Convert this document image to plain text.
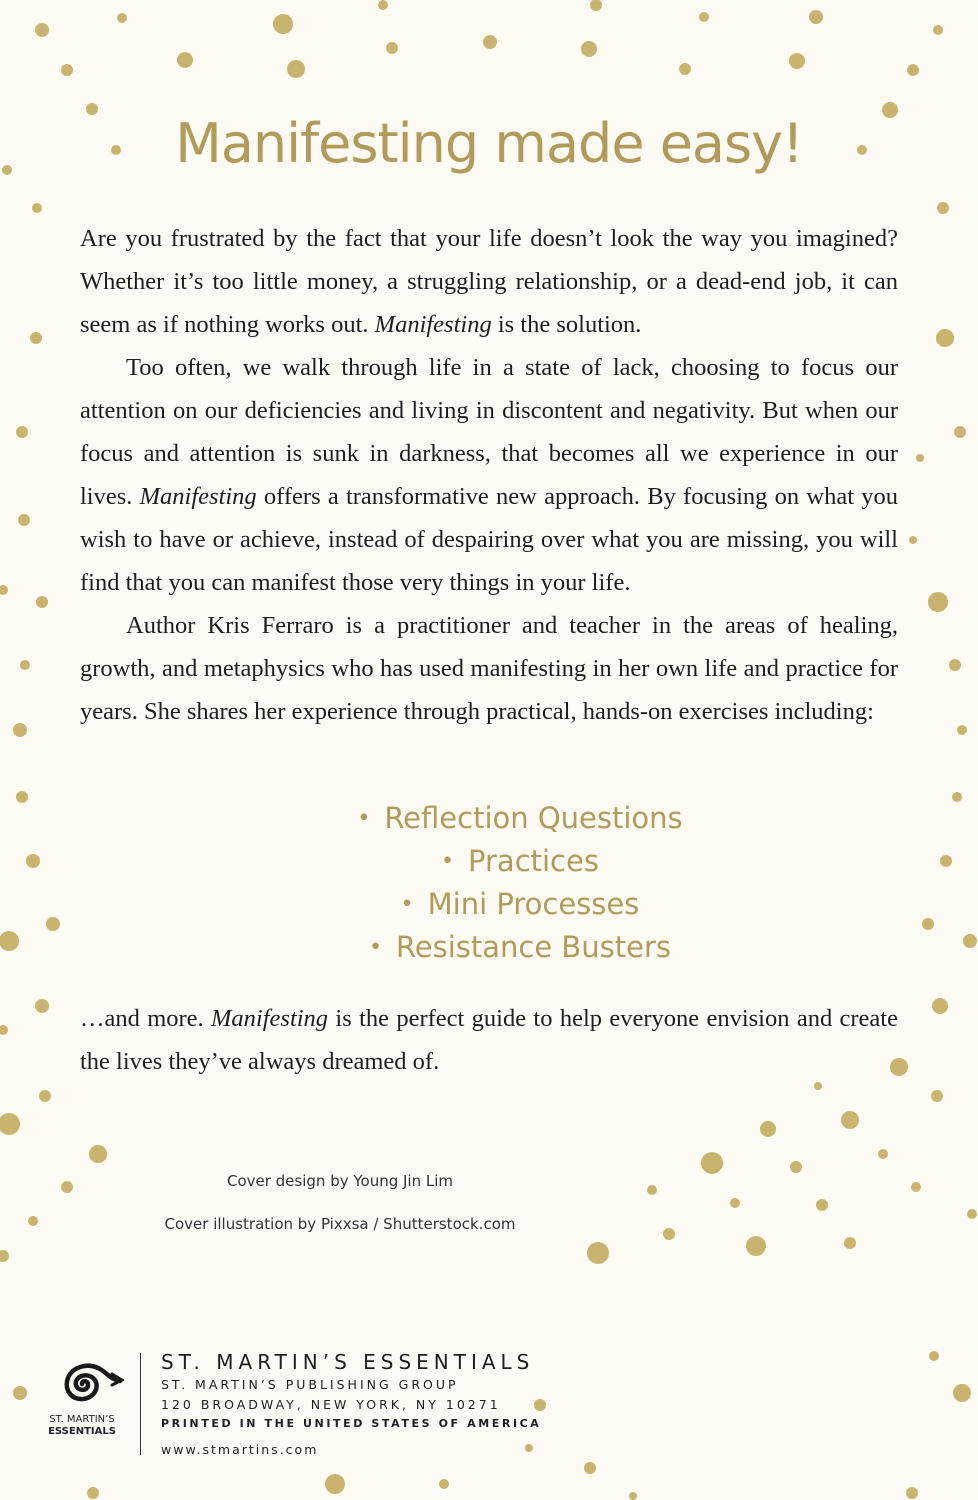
Manifesting made easy!

Are you frustrated by the fact that your life doesn’t look the way you imagined? Whether it’s too little money, a struggling relationship, or a dead-end job, it can seem as if nothing works out. Manifesting is the solution.

Too often, we walk through life in a state of lack, choosing to focus our attention on our deficiencies and living in discontent and negativity. But when our focus and attention is sunk in darkness, that becomes all we experience in our lives. Manifesting offers a transformative new approach. By focusing on what you wish to have or achieve, instead of despairing over what you are missing, you will find that you can manifest those very things in your life.

Author Kris Ferraro is a practitioner and teacher in the areas of healing, growth, and metaphysics who has used manifesting in her own life and practice for years. She shares her experience through practical, hands-on exercises including:

• Reflection Questions
• Practices
• Mini Processes
• Resistance Busters

…and more. Manifesting is the perfect guide to help everyone envision and create the lives they’ve always dreamed of.

Cover design by Young Jin Lim
Cover illustration by Pixxsa / Shutterstock.com
ST. MARTIN’S
ESSENTIALS
ST. MARTIN’S ESSENTIALS
ST. MARTIN’S PUBLISHING GROUP
120 BROADWAY, NEW YORK, NY 10271
PRINTED IN THE UNITED STATES OF AMERICA
www.stmartins.com
